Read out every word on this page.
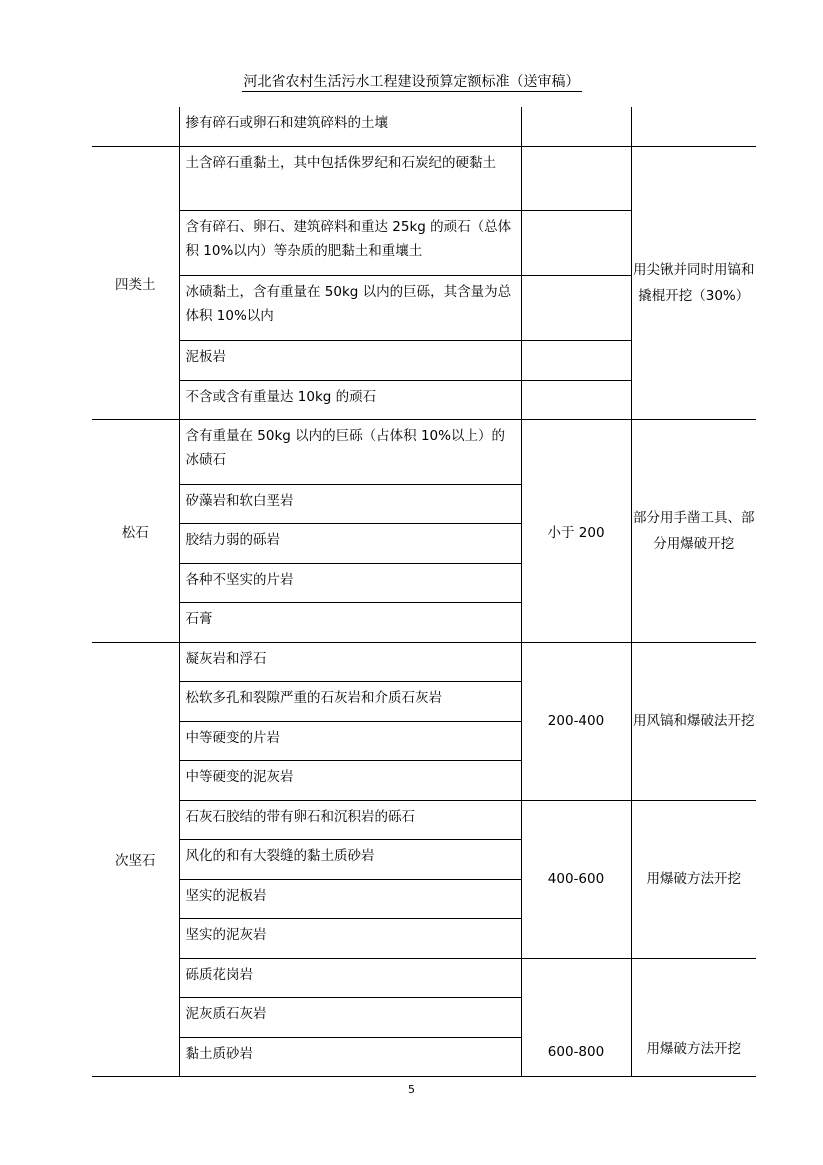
河北省农村生活污水工程建设预算定额标准（送审稿）
	掺有碎石或卵石和建筑碎料的土壤		
四类土	土含碎石重黏土，其中包括侏罗纪和石炭纪的硬黏土		用尖锹并同时用镐和撬棍开挖（30%）
	含有碎石、卵石、建筑碎料和重达 25kg 的顽石（总体积 10%以内）等杂质的肥黏土和重壤土		
	冰碛黏土，含有重量在 50kg 以内的巨砾，其含量为总体积 10%以内		
	泥板岩		
	不含或含有重量达 10kg 的顽石		
松石	含有重量在 50kg 以内的巨砾（占体积 10%以上）的冰碛石	小于 200	部分用手凿工具、部分用爆破开挖
	矽藻岩和软白垩岩		
	胶结力弱的砾岩		
	各种不坚实的片岩		
	石膏		
次坚石	凝灰岩和浮石	200-400	用风镐和爆破法开挖
	松软多孔和裂隙严重的石灰岩和介质石灰岩		
	中等硬变的片岩		
	中等硬变的泥灰岩		
	石灰石胶结的带有卵石和沉积岩的砾石	400-600	用爆破方法开挖
	风化的和有大裂缝的黏土质砂岩		
	坚实的泥板岩		
	坚实的泥灰岩		
	砾质花岗岩	600-800	用爆破方法开挖
	泥灰质石灰岩		
	黏土质砂岩		
5
